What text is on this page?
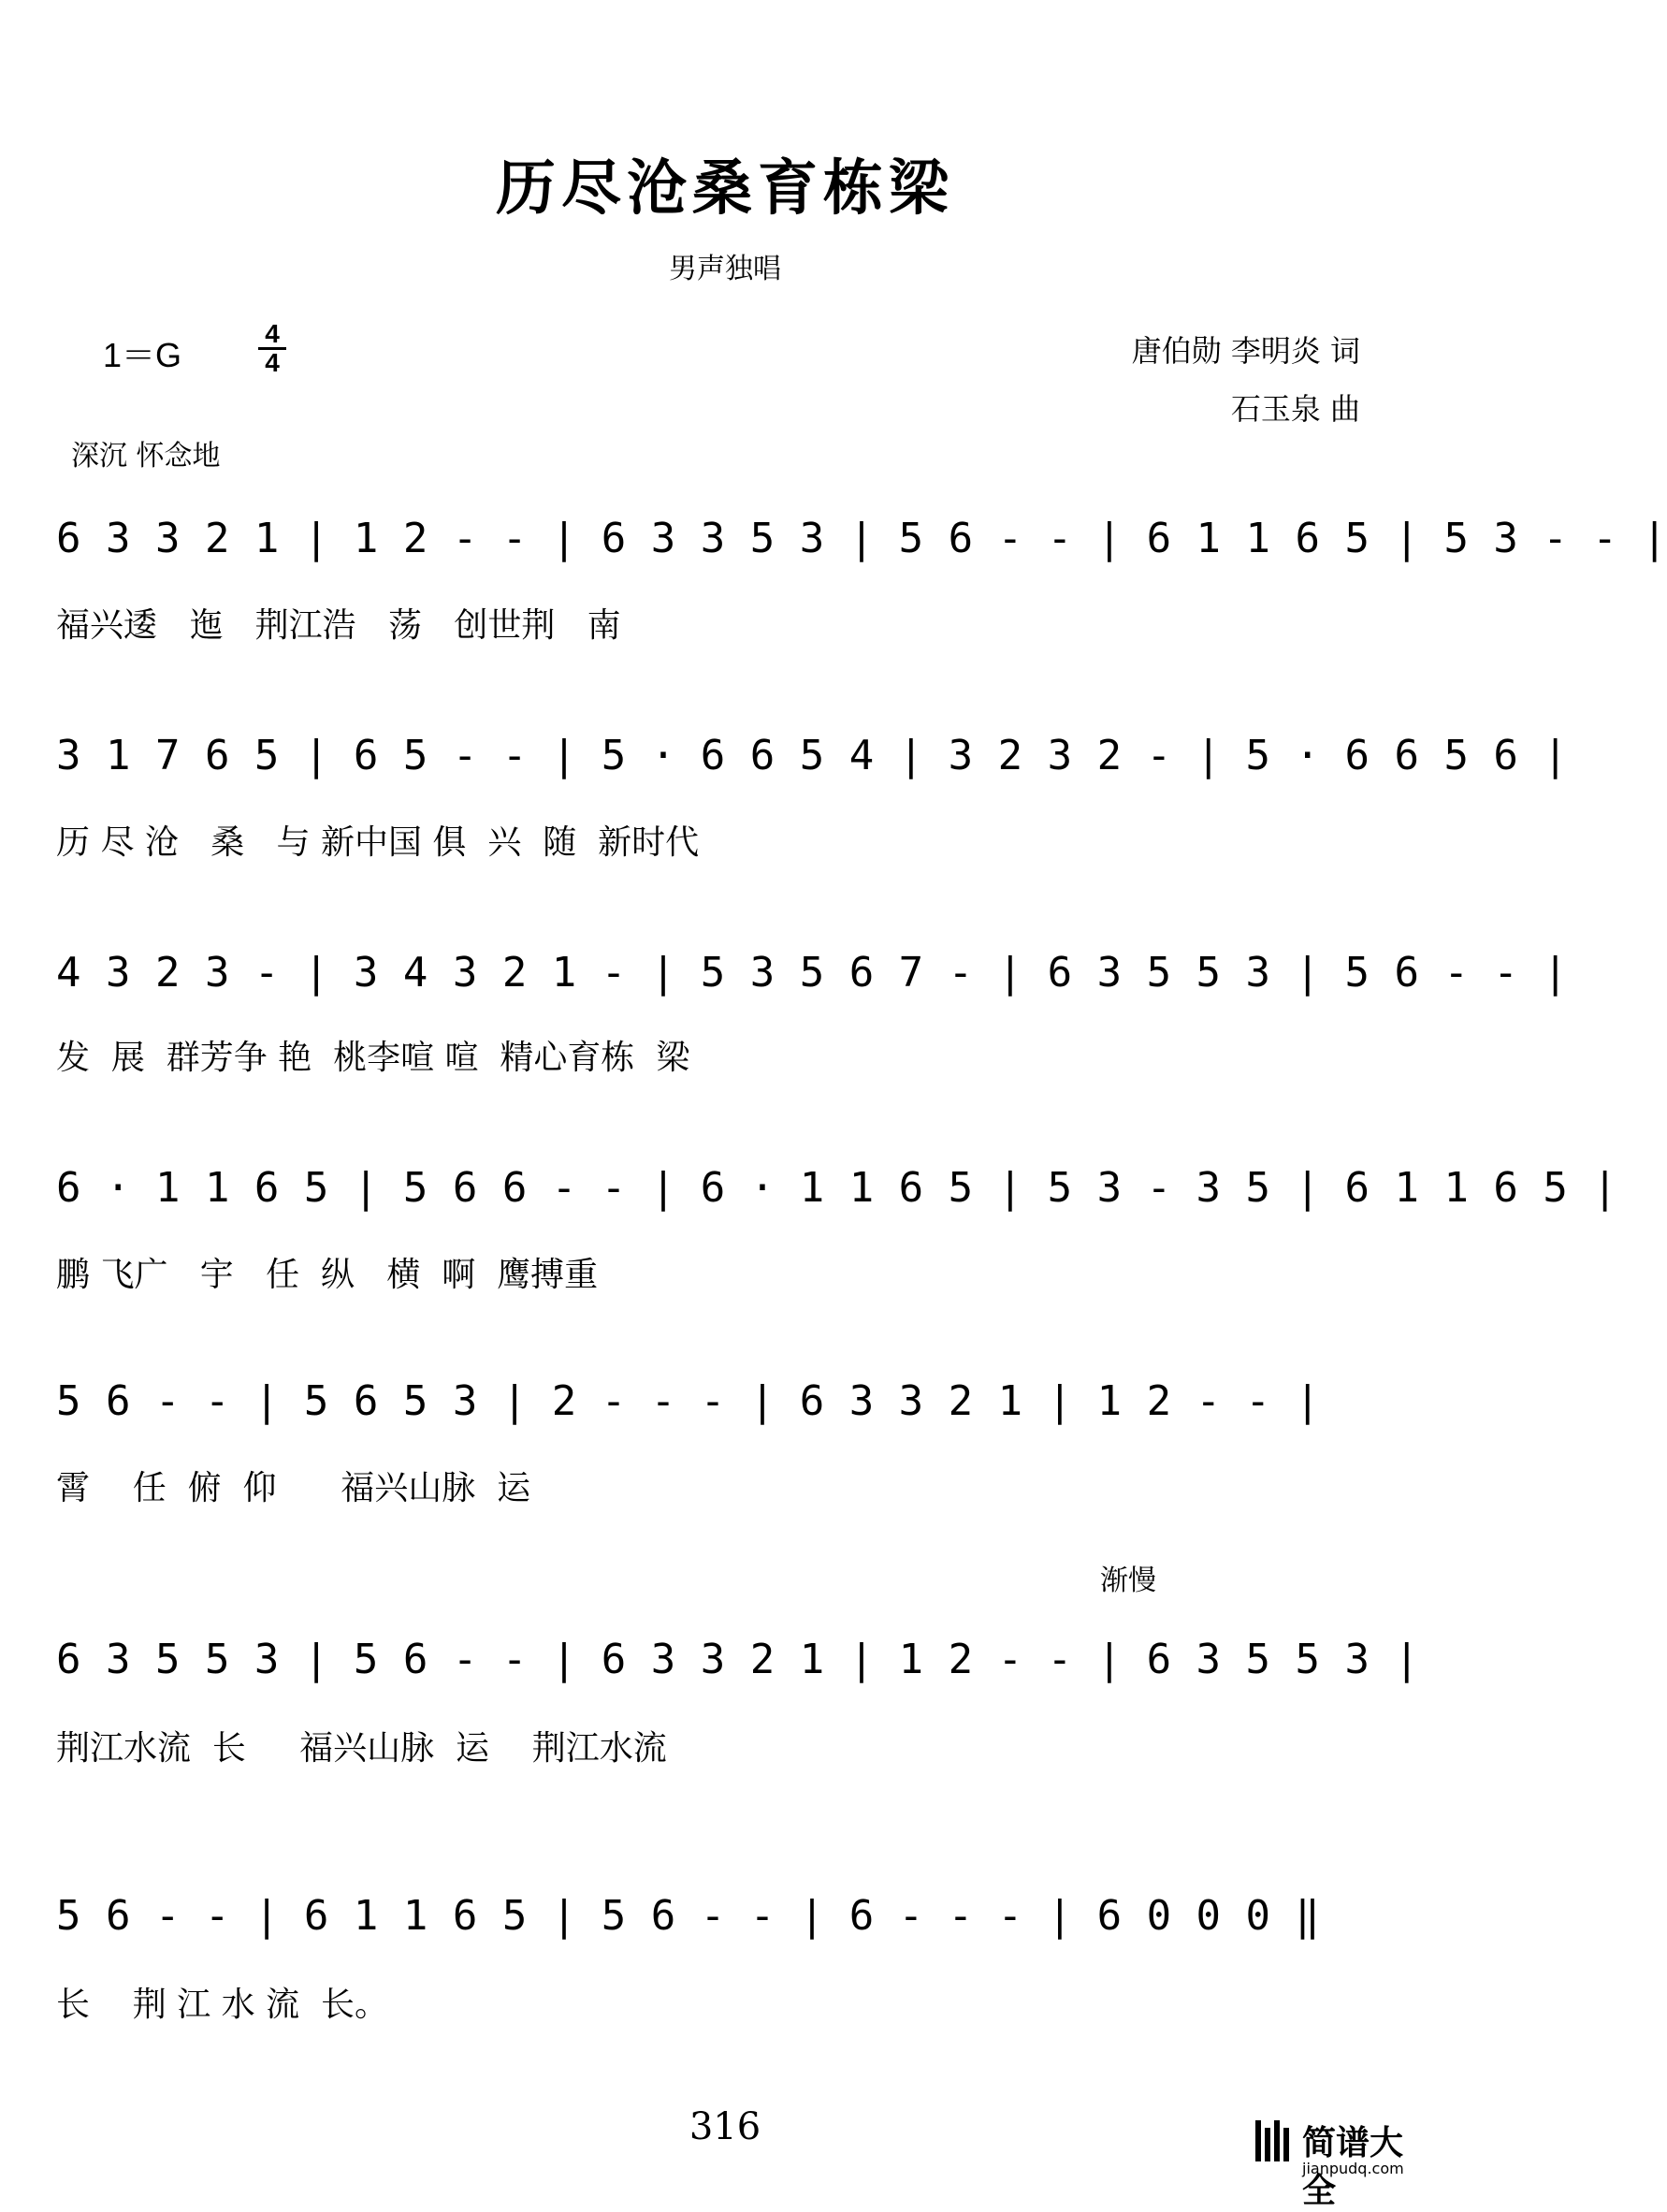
历尽沧桑育栋梁
男声独唱
1＝G
4
4	唐伯勋 李明炎 词
石玉泉 曲
深沉 怀念地
6 3 3 2 1 | 1 2 - - | 6 3 3 5 3 | 5 6 - - | 6 1 1 6 5 | 5 3 - - |
福兴逶   迤   荆江浩   荡   创世荆   南
3 1 7 6 5 | 6 5 - - | 5 · 6 6 5 4 | 3 2 3 2 - | 5 · 6 6 5 6 |
历 尽 沧   桑   与 新中国 俱  兴  随  新时代
4 3 2 3 - | 3 4 3 2 1 - | 5 3 5 6 7 - | 6 3 5 5 3 | 5 6 - - |
发  展  群芳争 艳  桃李喧 喧  精心育栋  梁
6 · 1 1 6 5 | 5 6 6 - - | 6 · 1 1 6 5 | 5 3 - 3 5 | 6 1 1 6 5 |
鹏 飞广   宇   任  纵   横  啊  鹰搏重
5 6 - - | 5 6 5 3 | 2 - - - | 6 3 3 2 1 | 1 2 - - |
霄    任  俯  仰      福兴山脉  运
渐慢
6 3 5 5 3 | 5 6 - - | 6 3 3 2 1 | 1 2 - - | 6 3 5 5 3 |
荆江水流  长     福兴山脉  运    荆江水流
5 6 - - | 6 1 1 6 5 | 5 6 - - | 6 - - - | 6 0 0 0 ‖
长    荆 江 水 流  长。
316	简谱大全
jianpudq.com
